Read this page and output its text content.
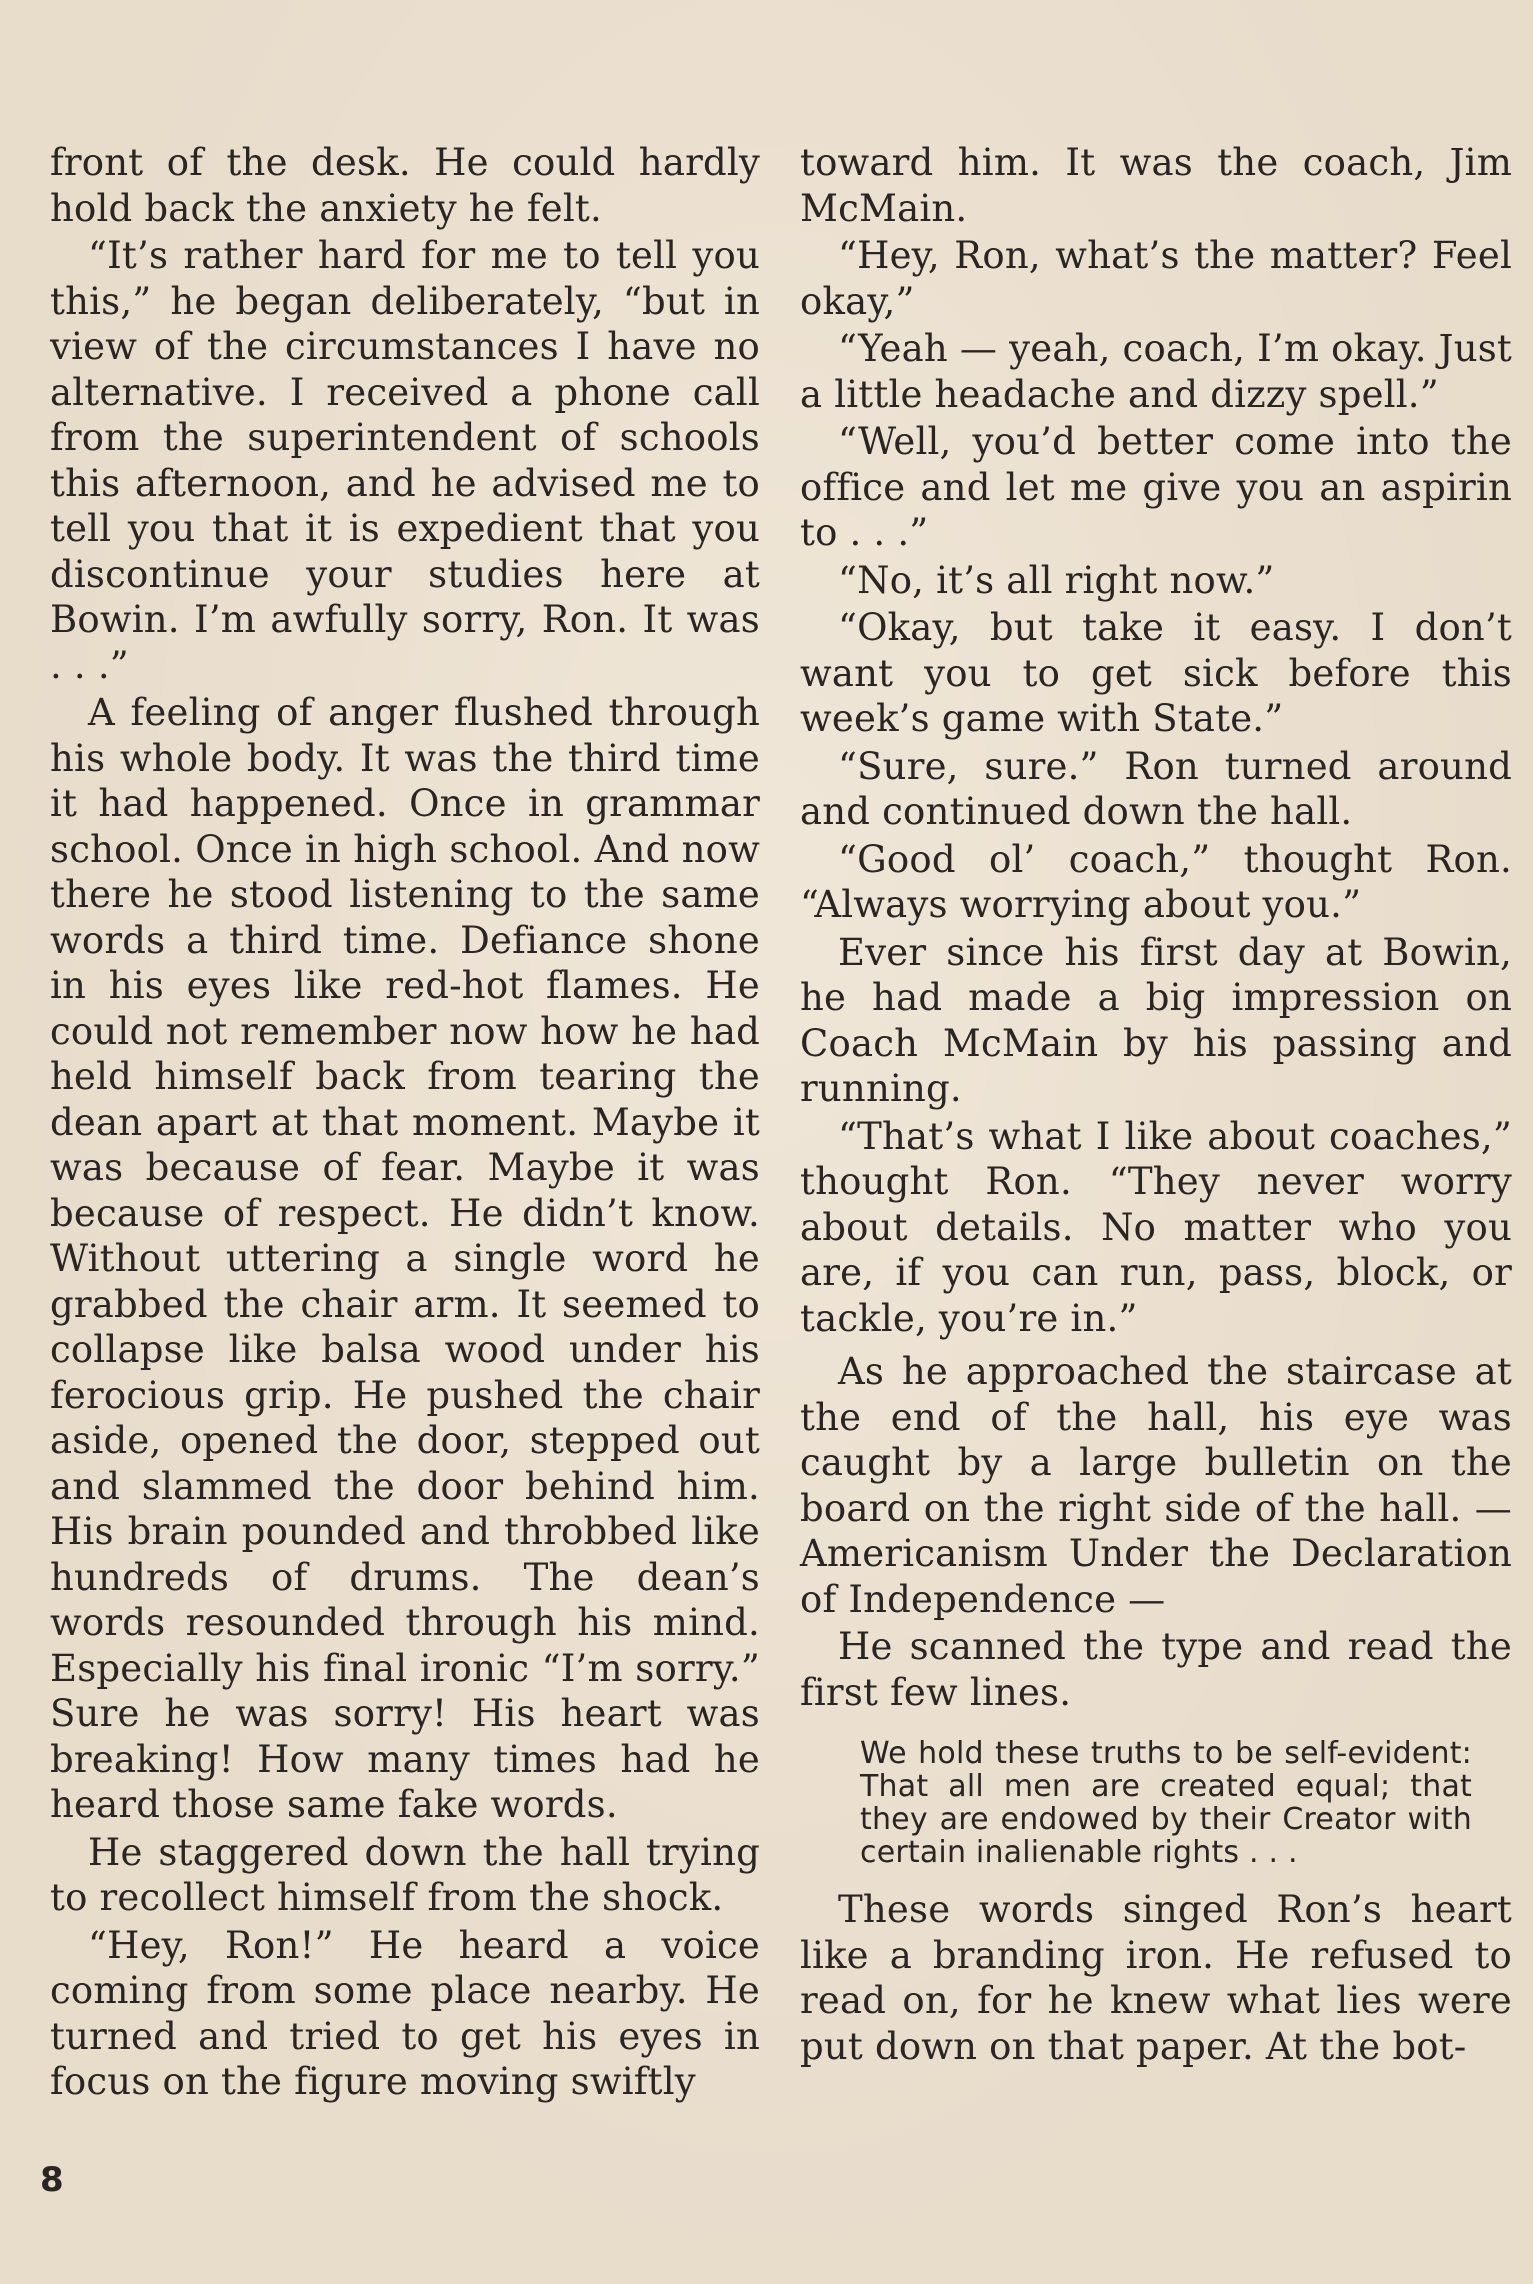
front of the desk. He could hardly hold back the anxiety he felt.

“It’s rather hard for me to tell you this,” he began deliberately, “but in view of the circumstances I have no alternative. I received a phone call from the superintendent of schools this afternoon, and he advised me to tell you that it is expedient that you discontinue your studies here at Bowin. I’m awfully sorry, Ron. It was . . .”

A feeling of anger flushed through his whole body. It was the third time it had happened. Once in grammar school. Once in high school. And now there he stood listening to the same words a third time. Defiance shone in his eyes like red-hot flames. He could not remember now how he had held himself back from tearing the dean apart at that moment. Maybe it was because of fear. Maybe it was because of respect. He didn’t know. Without uttering a single word he grabbed the chair arm. It seemed to collapse like balsa wood under his ferocious grip. He pushed the chair aside, opened the door, stepped out and slammed the door behind him. His brain pounded and throbbed like hundreds of drums. The dean’s words resounded through his mind. Especially his final ironic “I’m sorry.” Sure he was sorry! His heart was breaking! How many times had he heard those same fake words.

He staggered down the hall trying to recollect himself from the shock.

“Hey, Ron!” He heard a voice coming from some place nearby. He turned and tried to get his eyes in focus on the figure moving swiftly

toward him. It was the coach, Jim McMain.

“Hey, Ron, what’s the matter? Feel okay,”

“Yeah — yeah, coach, I’m okay. Just a little headache and dizzy spell.”

“Well, you’d better come into the office and let me give you an aspirin to . . .”

“No, it’s all right now.”

“Okay, but take it easy. I don’t want you to get sick before this week’s game with State.”

“Sure, sure.” Ron turned around and continued down the hall.

“Good ol’ coach,” thought Ron. “Always worrying about you.”

Ever since his first day at Bowin, he had made a big impression on Coach McMain by his passing and running.

“That’s what I like about coaches,” thought Ron. “They never worry about details. No matter who you are, if you can run, pass, block, or tackle, you’re in.”

As he approached the staircase at the end of the hall, his eye was caught by a large bulletin on the board on the right side of the hall. — Americanism Under the Declaration of Independence —

He scanned the type and read the first few lines.

We hold these truths to be self-evident: That all men are created equal; that they are endowed by their Creator with certain inalienable rights . . .

These words singed Ron’s heart like a branding iron. He refused to read on, for he knew what lies were put down on that paper. At the bot-

8
